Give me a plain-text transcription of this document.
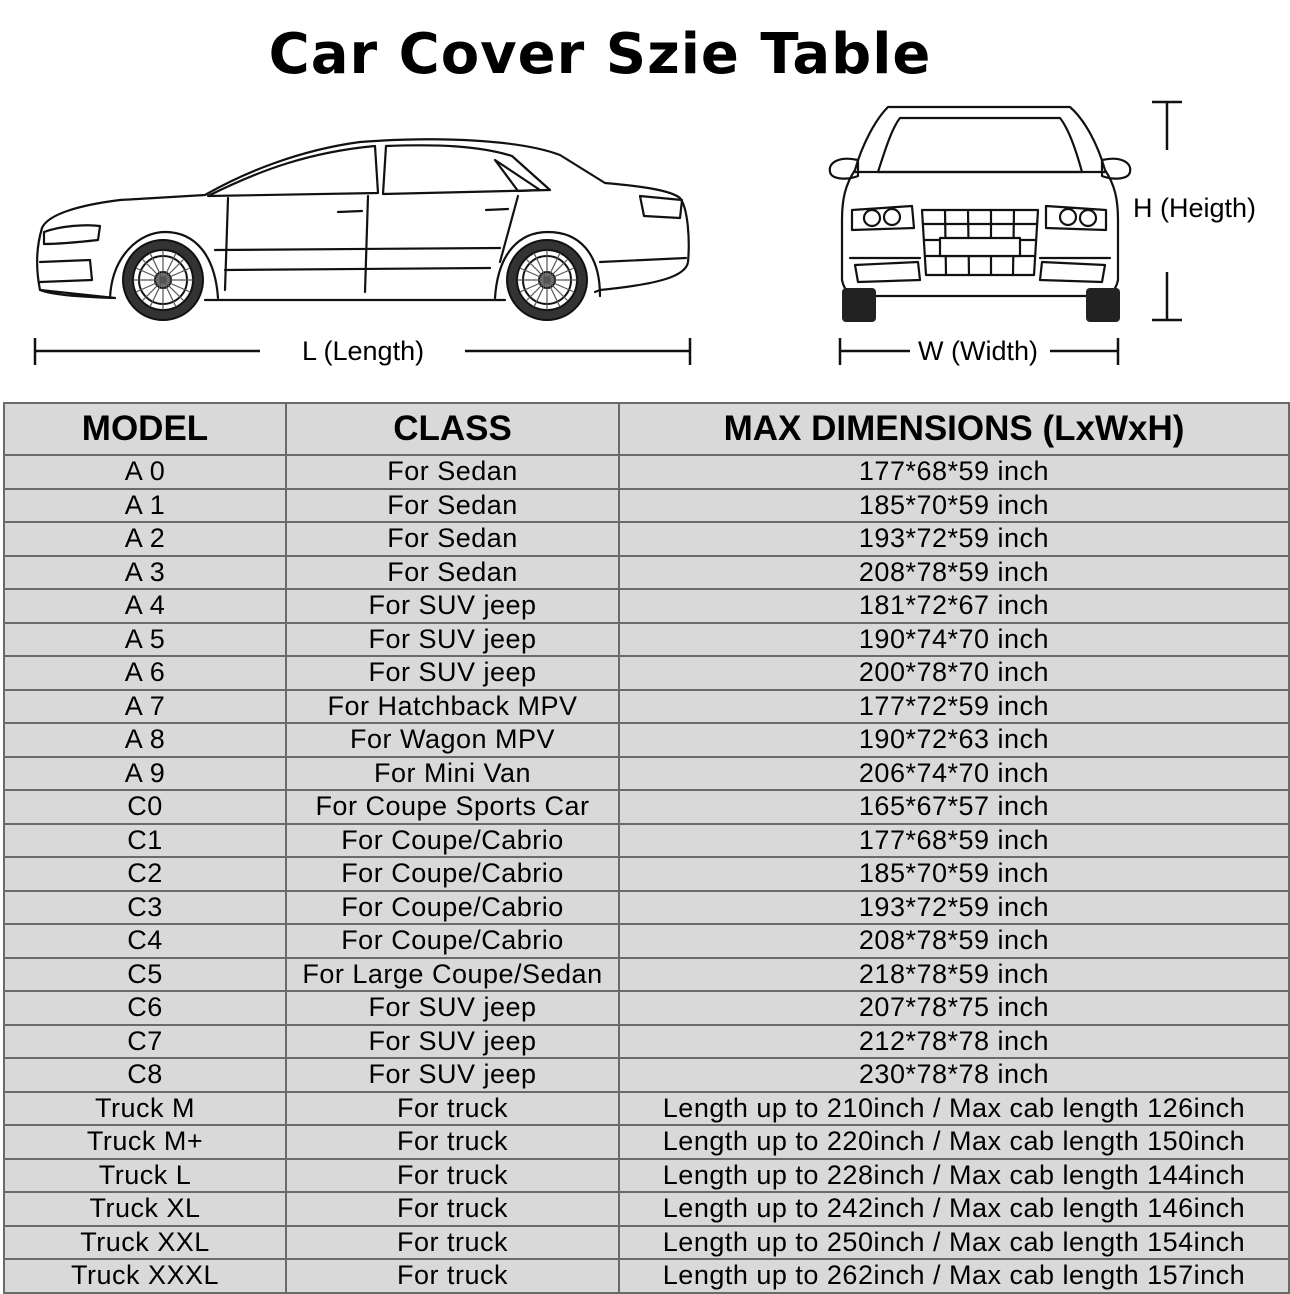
Car Cover Szie Table
L (Length)	W (Width)
H (Heigth)
MODEL	CLASS	MAX DIMENSIONS (LxWxH)
A 0	For Sedan	177*68*59 inch
A 1	For Sedan	185*70*59 inch
A 2	For Sedan	193*72*59 inch
A 3	For Sedan	208*78*59 inch
A 4	For SUV jeep	181*72*67 inch
A 5	For SUV jeep	190*74*70 inch
A 6	For SUV jeep	200*78*70 inch
A 7	For Hatchback MPV	177*72*59 inch
A 8	For Wagon MPV	190*72*63 inch
A 9	For Mini Van	206*74*70 inch
C0	For Coupe Sports Car	165*67*57 inch
C1	For Coupe/Cabrio	177*68*59 inch
C2	For Coupe/Cabrio	185*70*59 inch
C3	For Coupe/Cabrio	193*72*59 inch
C4	For Coupe/Cabrio	208*78*59 inch
C5	For Large Coupe/Sedan	218*78*59 inch
C6	For SUV jeep	207*78*75 inch
C7	For SUV jeep	212*78*78 inch
C8	For SUV jeep	230*78*78 inch
Truck M	For truck	Length up to 210inch / Max cab length 126inch
Truck M+	For truck	Length up to 220inch / Max cab length 150inch
Truck L	For truck	Length up to 228inch / Max cab length 144inch
Truck XL	For truck	Length up to 242inch / Max cab length 146inch
Truck XXL	For truck	Length up to 250inch / Max cab length 154inch
Truck XXXL	For truck	Length up to 262inch / Max cab length 157inch
